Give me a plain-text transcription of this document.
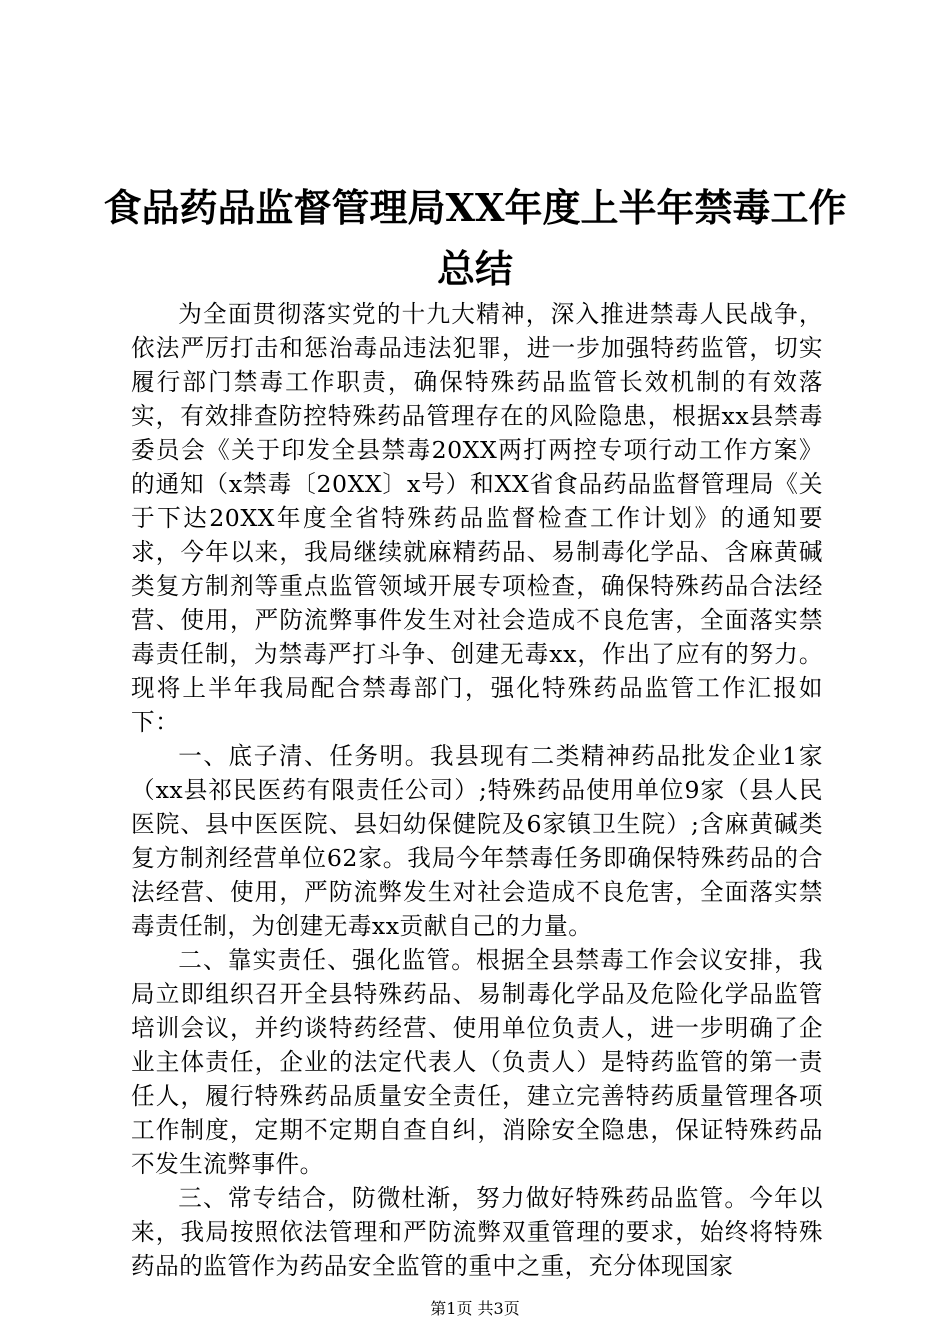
食品药品监督管理局XX年度上半年禁毒工作
总结

为全面贯彻落实党的十九大精神，深入推进禁毒人民战争，依法严厉打击和惩治毒品违法犯罪，进一步加强特药监管，切实履行部门禁毒工作职责，确保特殊药品监管长效机制的有效落实，有效排查防控特殊药品管理存在的风险隐患，根据xx县禁毒委员会《关于印发全县禁毒20XX两打两控专项行动工作方案》的通知（x禁毒〔20XX〕x号）和XX省食品药品监督管理局《关于下达20XX年度全省特殊药品监督检查工作计划》的通知要求，今年以来，我局继续就麻精药品、易制毒化学品、含麻黄碱类复方制剂等重点监管领域开展专项检查，确保特殊药品合法经营、使用，严防流弊事件发生对社会造成不良危害，全面落实禁毒责任制，为禁毒严打斗争、创建无毒xx，作出了应有的努力。现将上半年我局配合禁毒部门，强化特殊药品监管工作汇报如下：

一、底子清、任务明。我县现有二类精神药品批发企业1家（xx县祁民医药有限责任公司）;特殊药品使用单位9家（县人民医院、县中医医院、县妇幼保健院及6家镇卫生院）;含麻黄碱类复方制剂经营单位62家。我局今年禁毒任务即确保特殊药品的合法经营、使用，严防流弊发生对社会造成不良危害，全面落实禁毒责任制，为创建无毒xx贡献自己的力量。

二、靠实责任、强化监管。根据全县禁毒工作会议安排，我局立即组织召开全县特殊药品、易制毒化学品及危险化学品监管培训会议，并约谈特药经营、使用单位负责人，进一步明确了企业主体责任，企业的法定代表人（负责人）是特药监管的第一责任人，履行特殊药品质量安全责任，建立完善特药质量管理各项工作制度，定期不定期自查自纠，消除安全隐患，保证特殊药品不发生流弊事件。

三、常专结合，防微杜渐，努力做好特殊药品监管。今年以来，我局按照依法管理和严防流弊双重管理的要求，始终将特殊药品的监管作为药品安全监管的重中之重，充分体现国家

第1页 共3页
